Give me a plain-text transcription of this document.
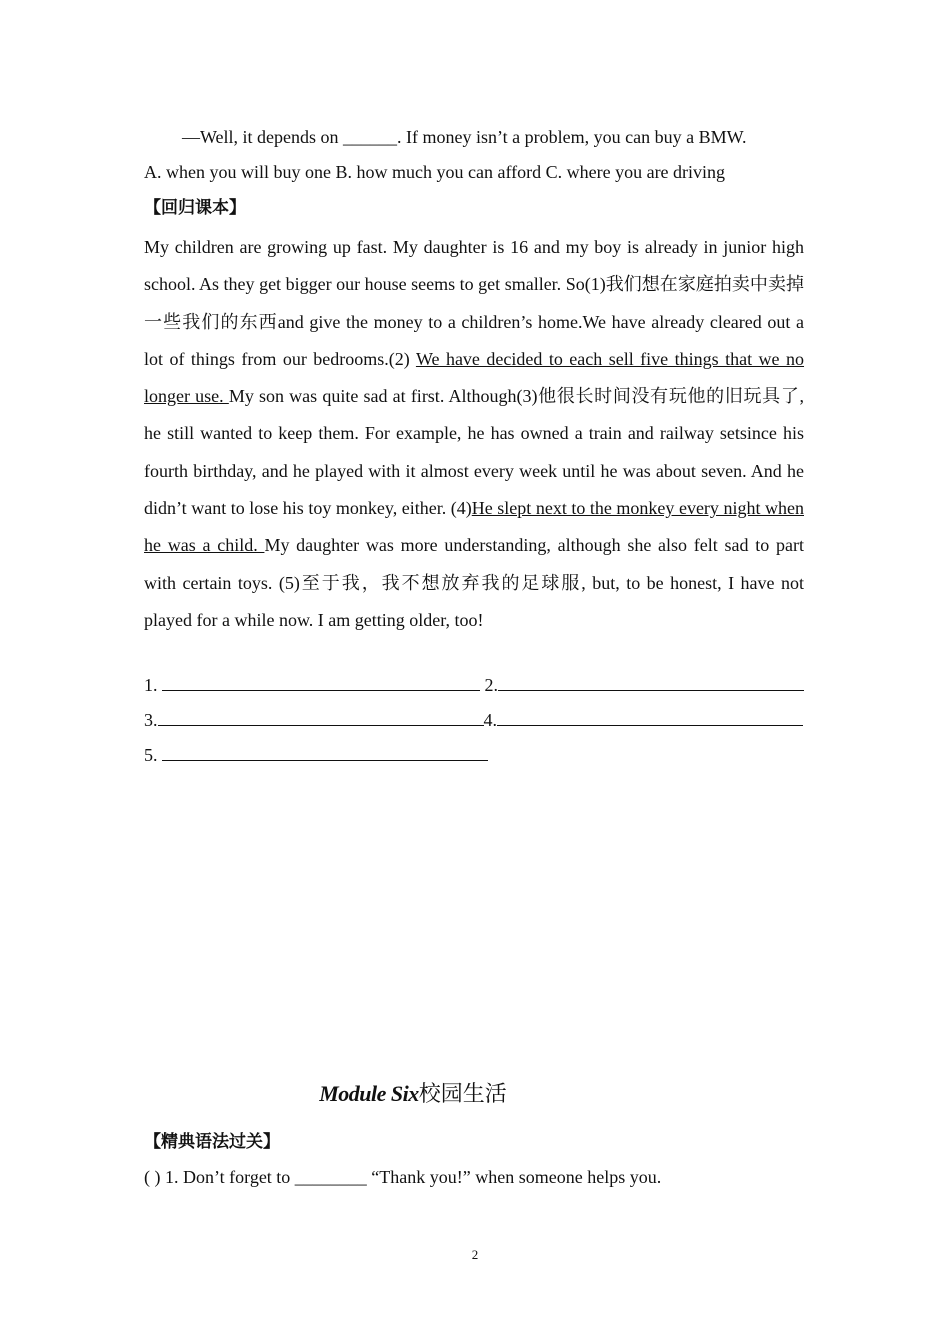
—Well, it depends on ______. If money isn’t a problem, you can buy a BMW.
A. when you will buy one B. how much you can afford C. where you are driving
【回归课本】
My children are growing up fast. My daughter is 16 and my boy is already in junior high school. As they get bigger our house seems to get smaller. So(1)我们想在家庭拍卖中卖掉一些我们的东西and give the money to a children’s home.We have already cleared out a lot of things from our bedrooms.(2) We have decided to each sell five things that we no longer use. My son was quite sad at first. Although(3)他很长时间没有玩他的旧玩具了, he still wanted to keep them. For example, he has owned a train and railway setsince his fourth birthday, and he played with it almost every week until he was about seven. And he didn’t want to lose his toy monkey, either. (4)He slept next to the monkey every night when he was a child. My daughter was more understanding, although she also felt sad to part with certain toys. (5)至于我，我不想放弃我的足球服, but, to be honest, I have not played for a while now. I am getting older, too!
1.	2.
3.	4.
5.
Module Six校园生活
【精典语法过关】
( ) 1. Don’t forget to ________ “Thank you!” when someone helps you.
2
